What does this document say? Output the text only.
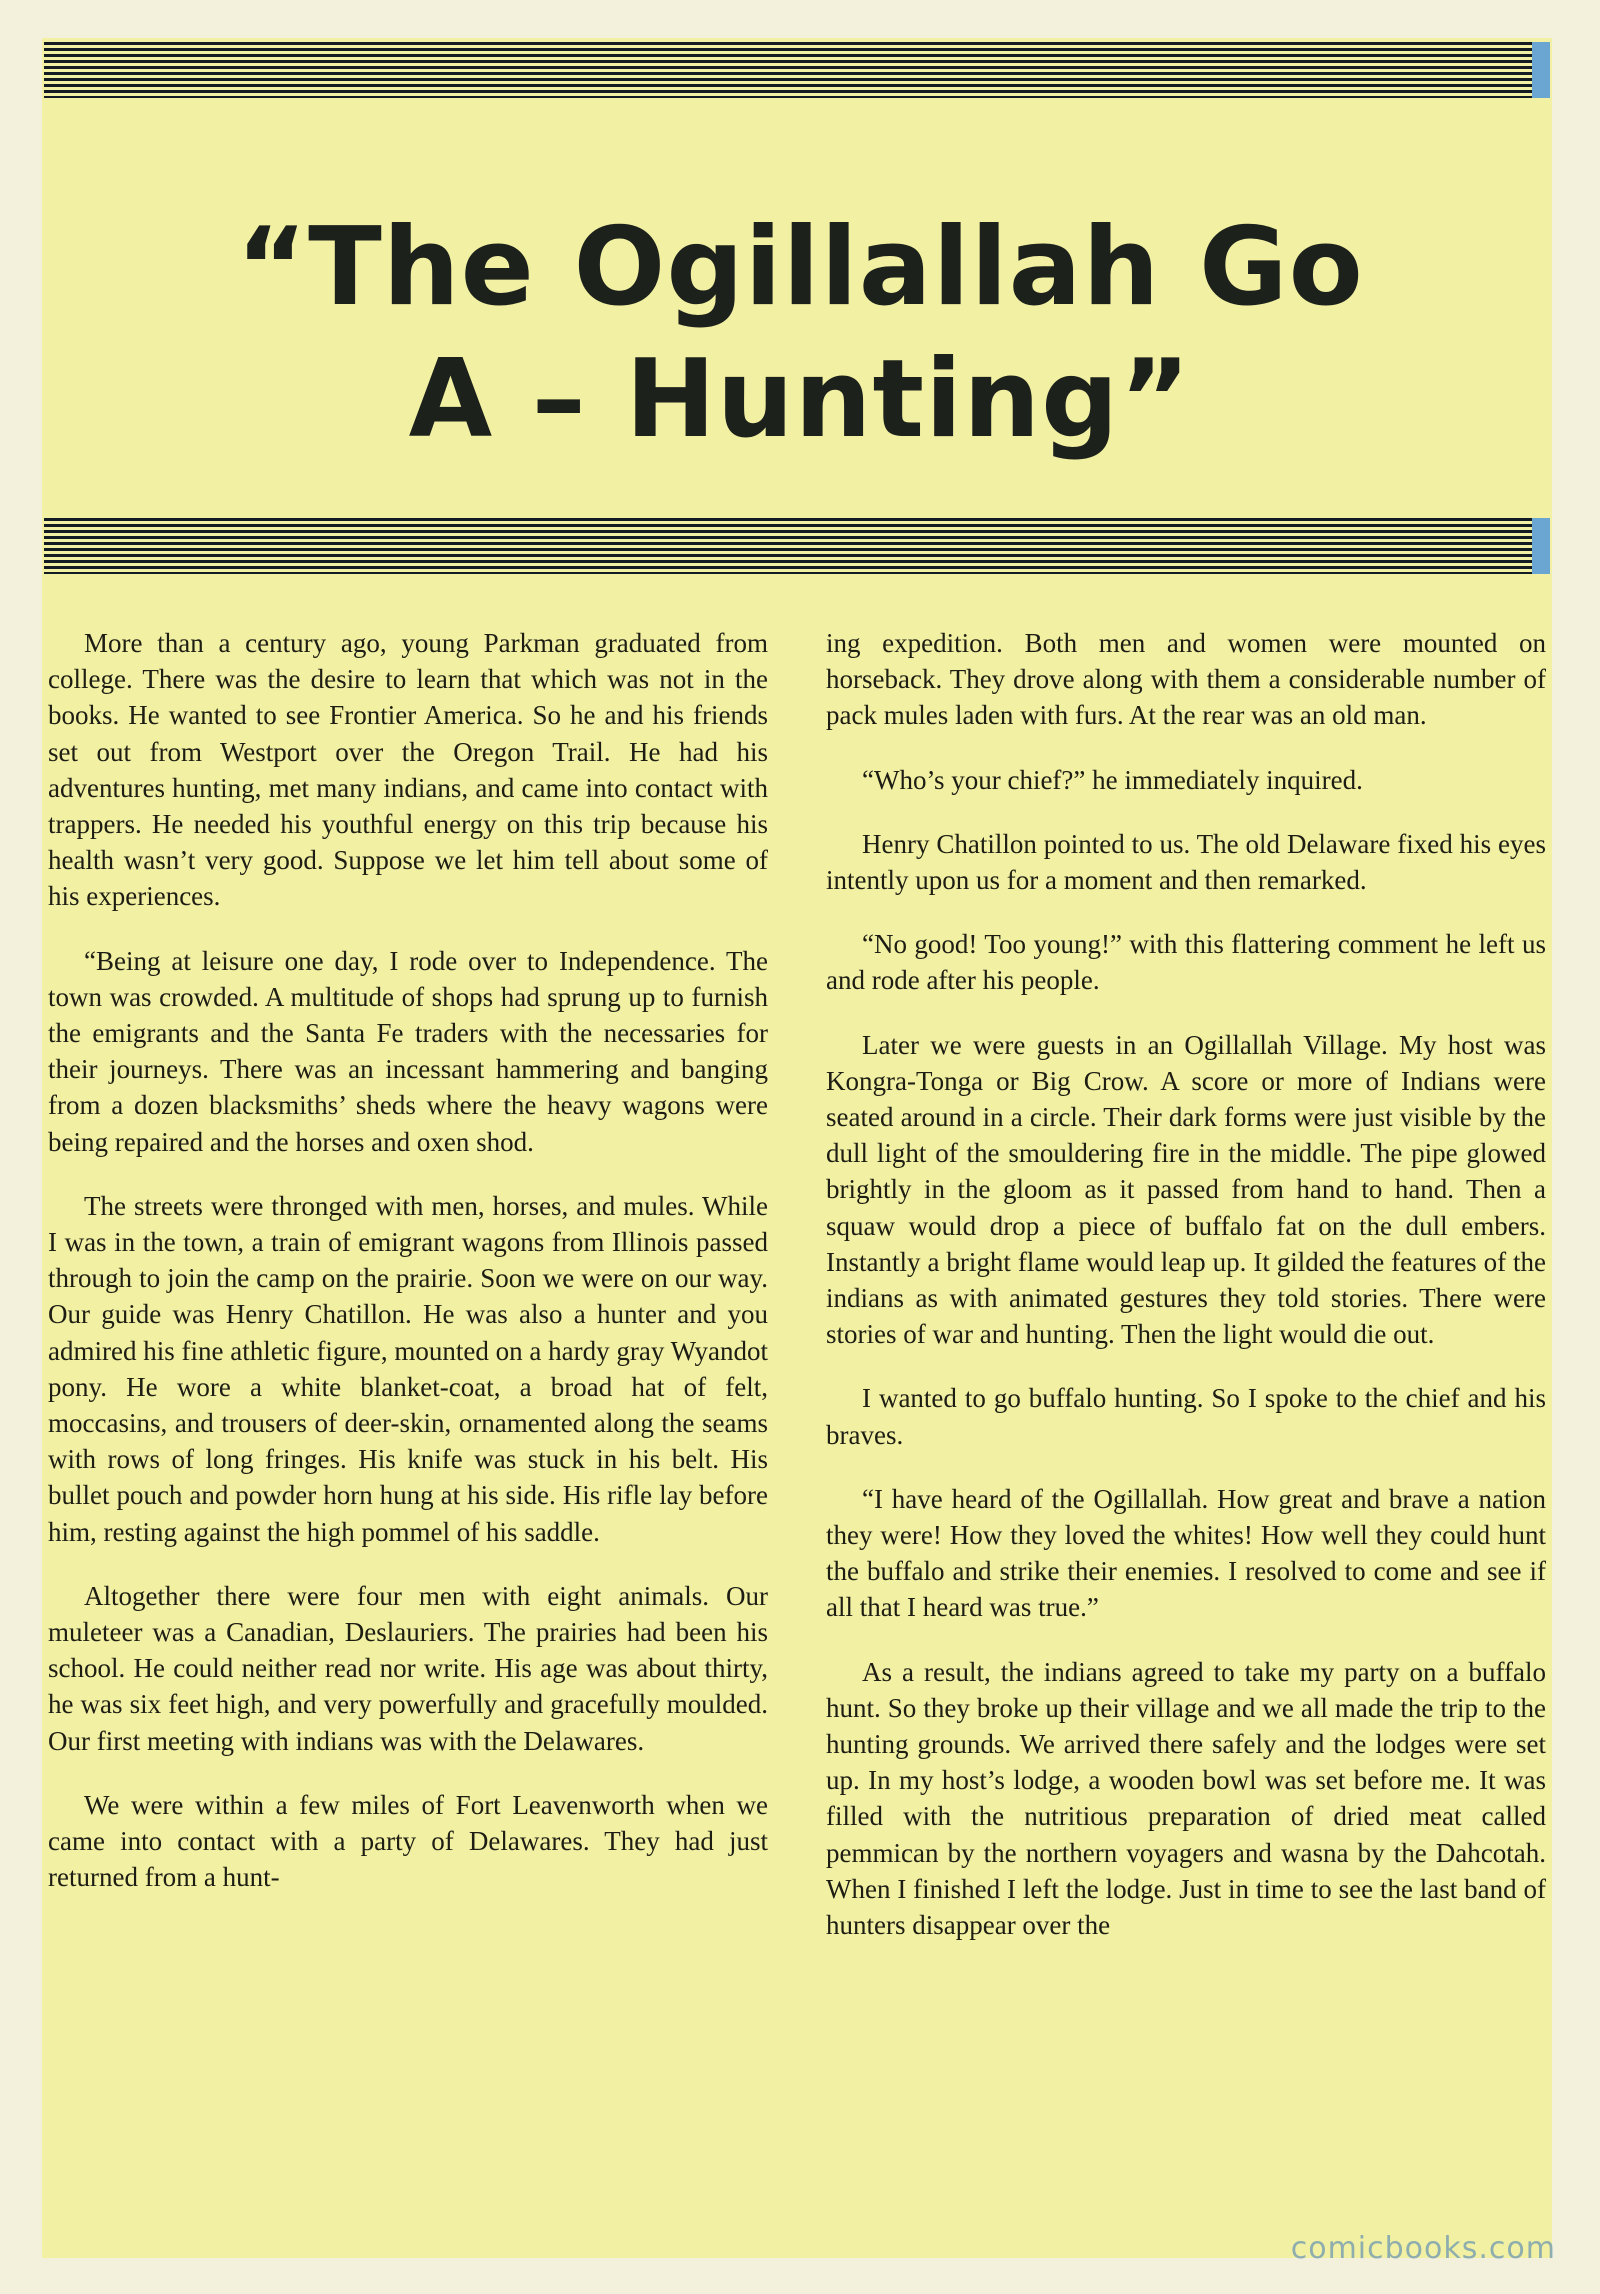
“The Ogillallah Go
A – Hunting”

More than a century ago, young Parkman graduated from college. There was the desire to learn that which was not in the books. He wanted to see Frontier America. So he and his friends set out from Westport over the Oregon Trail. He had his adventures hunting, met many indians, and came into contact with trappers. He needed his youthful energy on this trip because his health wasn’t very good. Suppose we let him tell about some of his experiences.

“Being at leisure one day, I rode over to Independence. The town was crowded. A multitude of shops had sprung up to furnish the emigrants and the Santa Fe traders with the necessaries for their journeys. There was an incessant hammering and banging from a dozen blacksmiths’ sheds where the heavy wagons were being repaired and the horses and oxen shod.

The streets were thronged with men, horses, and mules. While I was in the town, a train of emigrant wagons from Illinois passed through to join the camp on the prairie. Soon we were on our way. Our guide was Henry Chatillon. He was also a hunter and you admired his fine athletic figure, mounted on a hardy gray Wyandot pony. He wore a white blanket-coat, a broad hat of felt, moccasins, and trousers of deer-skin, ornamented along the seams with rows of long fringes. His knife was stuck in his belt. His bullet pouch and powder horn hung at his side. His rifle lay before him, resting against the high pommel of his saddle.

Altogether there were four men with eight animals. Our muleteer was a Canadian, Deslauriers. The prairies had been his school. He could neither read nor write. His age was about thirty, he was six feet high, and very powerfully and gracefully moulded. Our first meeting with indians was with the Delawares.

We were within a few miles of Fort Leavenworth when we came into contact with a party of Delawares. They had just returned from a hunt-

ing expedition. Both men and women were mounted on horseback. They drove along with them a considerable number of pack mules laden with furs. At the rear was an old man.

“Who’s your chief?” he immediately inquired.

Henry Chatillon pointed to us. The old Delaware fixed his eyes intently upon us for a moment and then remarked.

“No good! Too young!” with this flattering comment he left us and rode after his people.

Later we were guests in an Ogillallah Village. My host was Kongra-Tonga or Big Crow. A score or more of Indians were seated around in a circle. Their dark forms were just visible by the dull light of the smouldering fire in the middle. The pipe glowed brightly in the gloom as it passed from hand to hand. Then a squaw would drop a piece of buffalo fat on the dull embers. Instantly a bright flame would leap up. It gilded the features of the indians as with animated gestures they told stories. There were stories of war and hunting. Then the light would die out.

I wanted to go buffalo hunting. So I spoke to the chief and his braves.

“I have heard of the Ogillallah. How great and brave a nation they were! How they loved the whites! How well they could hunt the buffalo and strike their enemies. I resolved to come and see if all that I heard was true.”

As a result, the indians agreed to take my party on a buffalo hunt. So they broke up their village and we all made the trip to the hunting grounds. We arrived there safely and the lodges were set up. In my host’s lodge, a wooden bowl was set before me. It was filled with the nutritious preparation of dried meat called pemmican by the northern voyagers and wasna by the Dahcotah. When I finished I left the lodge. Just in time to see the last band of hunters disappear over the

comicbooks.com
